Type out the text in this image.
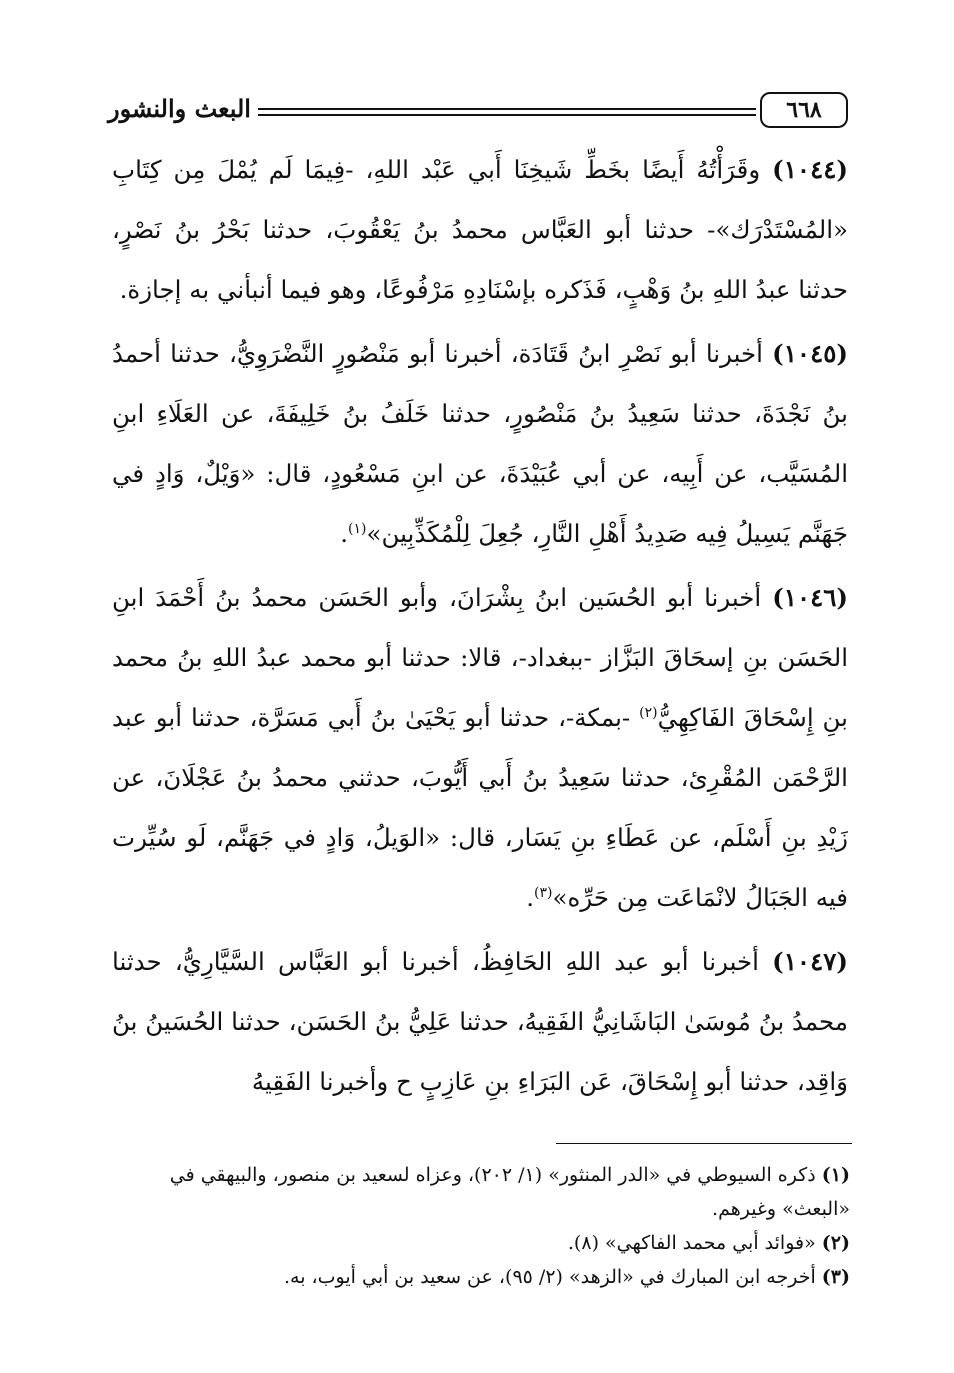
البعث والنشور	٦٦٨

(١٠٤٤) وقَرَأْتُهُ أَيضًا بخَطِّ شَيخِنَا أَبي عَبْد اللهِ، -فِيمَا لَم يُمْلَ مِن كِتَابِ «المُسْتَدْرَك»- حدثنا أبو العَبَّاس محمدُ بنُ يَعْقُوبَ، حدثنا بَحْرُ بنُ نَصْرٍ، حدثنا عبدُ اللهِ بنُ وَهْبٍ، فَذَكره بإسْنَادِهِ مَرْفُوعًا، وهو فيما أنبأني به إجازة.

(١٠٤٥) أخبرنا أبو نَصْرِ ابنُ قَتَادَة، أخبرنا أبو مَنْصُورٍ النَّضْرَوِيُّ، حدثنا أحمدُ بنُ نَجْدَةَ، حدثنا سَعِيدُ بنُ مَنْصُورٍ، حدثنا خَلَفُ بنُ خَلِيفَةَ، عن العَلَاءِ ابنِ المُسَيَّب، عن أَبِيه، عن أبي عُبَيْدَةَ، عن ابنِ مَسْعُودٍ، قال: «وَيْلٌ، وَادٍ في جَهَنَّم يَسِيلُ فِيه صَدِيدُ أَهْلِ النَّارِ، جُعِلَ لِلْمُكَذِّبِين»$^{(١)}$.

(١٠٤٦) أخبرنا أبو الحُسَين ابنُ بِشْرَانَ، وأبو الحَسَن محمدُ بنُ أَحْمَدَ ابنِ الحَسَن بنِ إسحَاقَ البَزَّاز -ببغداد-، قالا: حدثنا أبو محمد عبدُ اللهِ بنُ محمد بنِ إِسْحَاقَ الفَاكِهِيُّ$^{(٢)}$ -بمكة-، حدثنا أبو يَحْيَىٰ بنُ أَبي مَسَرَّة، حدثنا أبو عبد الرَّحْمَن المُقْرِئ، حدثنا سَعِيدُ بنُ أَبي أَيُّوبَ، حدثني محمدُ بنُ عَجْلَانَ، عن زَيْدِ بنِ أَسْلَم، عن عَطَاءِ بنِ يَسَار، قال: «الوَيلُ، وَادٍ في جَهَنَّم، لَو سُيِّرت فيه الجَبَالُ لانْمَاعَت مِن حَرِّه»$^{(٣)}$.

(١٠٤٧) أخبرنا أبو عبد اللهِ الحَافِظُ، أخبرنا أبو العَبَّاس السَّيَّارِيُّ، حدثنا محمدُ بنُ مُوسَىٰ البَاشَانِيُّ الفَقِيهُ، حدثنا عَلِيُّ بنُ الحَسَن، حدثنا الحُسَينُ بنُ وَاقِد، حدثنا أبو إِسْحَاقَ، عَن البَرَاءِ بنِ عَازِبٍ ح وأخبرنا الفَقِيهُ

(١) ذكره السيوطي في «الدر المنثور» (١/ ٢٠٢)، وعزاه لسعيد بن منصور، والبيهقي في «البعث» وغيرهم.

(٢) «فوائد أبي محمد الفاكهي» (٨).

(٣) أخرجه ابن المبارك في «الزهد» (٢/ ٩٥)، عن سعيد بن أبي أيوب، به.
